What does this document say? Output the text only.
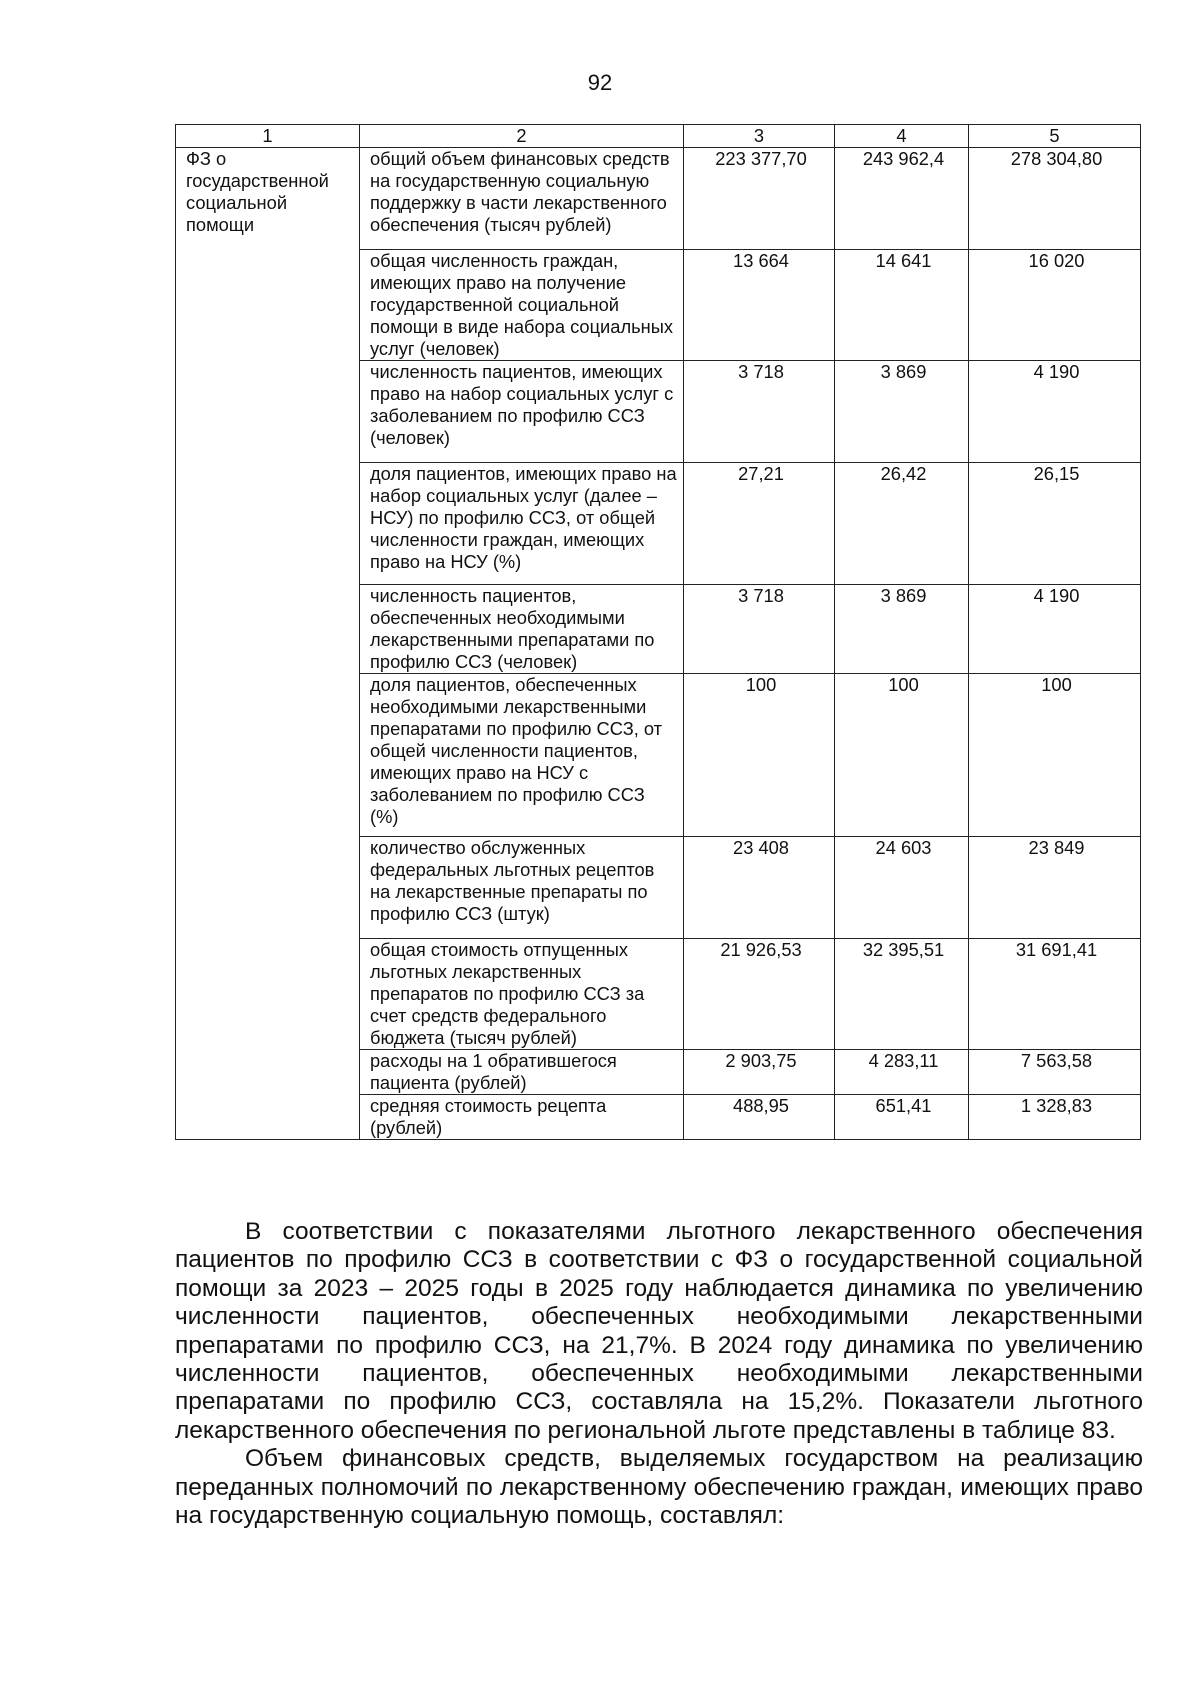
92
1	2	3	4	5
ФЗ о государственной социальной помощи	общий объем финансовых средств на государственную социальную поддержку в части лекарственного обеспечения (тысяч рублей)	223 377,70	243 962,4	278 304,80
	общая численность граждан, имеющих право на получение государственной социальной помощи в виде набора социальных услуг (человек)	13 664	14 641	16 020
	численность пациентов, имеющих право на набор социальных услуг с заболеванием по профилю ССЗ (человек)	3 718	3 869	4 190
	доля пациентов, имеющих право на набор социальных услуг (далее – НСУ) по профилю ССЗ, от общей численности граждан, имеющих право на НСУ (%)	27,21	26,42	26,15
	численность пациентов, обеспеченных необходимыми лекарственными препаратами по профилю ССЗ (человек)	3 718	3 869	4 190
	доля пациентов, обеспеченных необходимыми лекарственными препаратами по профилю ССЗ, от общей численности пациентов, имеющих право на НСУ с заболеванием по профилю ССЗ (%)	100	100	100
	количество обслуженных федеральных льготных рецептов на лекарственные препараты по профилю ССЗ (штук)	23 408	24 603	23 849
	общая стоимость отпущенных льготных лекарственных препаратов по профилю ССЗ за счет средств федерального бюджета (тысяч рублей)	21 926,53	32 395,51	31 691,41
	расходы на 1 обратившегося пациента (рублей)	2 903,75	4 283,11	7 563,58
	средняя стоимость рецепта (рублей)	488,95	651,41	1 328,83

В соответствии с показателями льготного лекарственного обеспечения пациентов по профилю ССЗ в соответствии с ФЗ о государственной социальной помощи за 2023 – 2025 годы в 2025 году наблюдается динамика по увеличению численности пациентов, обеспеченных необходимыми лекарственными препаратами по профилю ССЗ, на 21,7%. В 2024 году динамика по увеличению численности пациентов, обеспеченных необходимыми лекарственными препаратами по профилю ССЗ, составляла на 15,2%. Показатели льготного лекарственного обеспечения по региональной льготе представлены в таблице 83.

Объем финансовых средств, выделяемых государством на реализацию переданных полномочий по лекарственному обеспечению граждан, имеющих право на государственную социальную помощь, составлял:
